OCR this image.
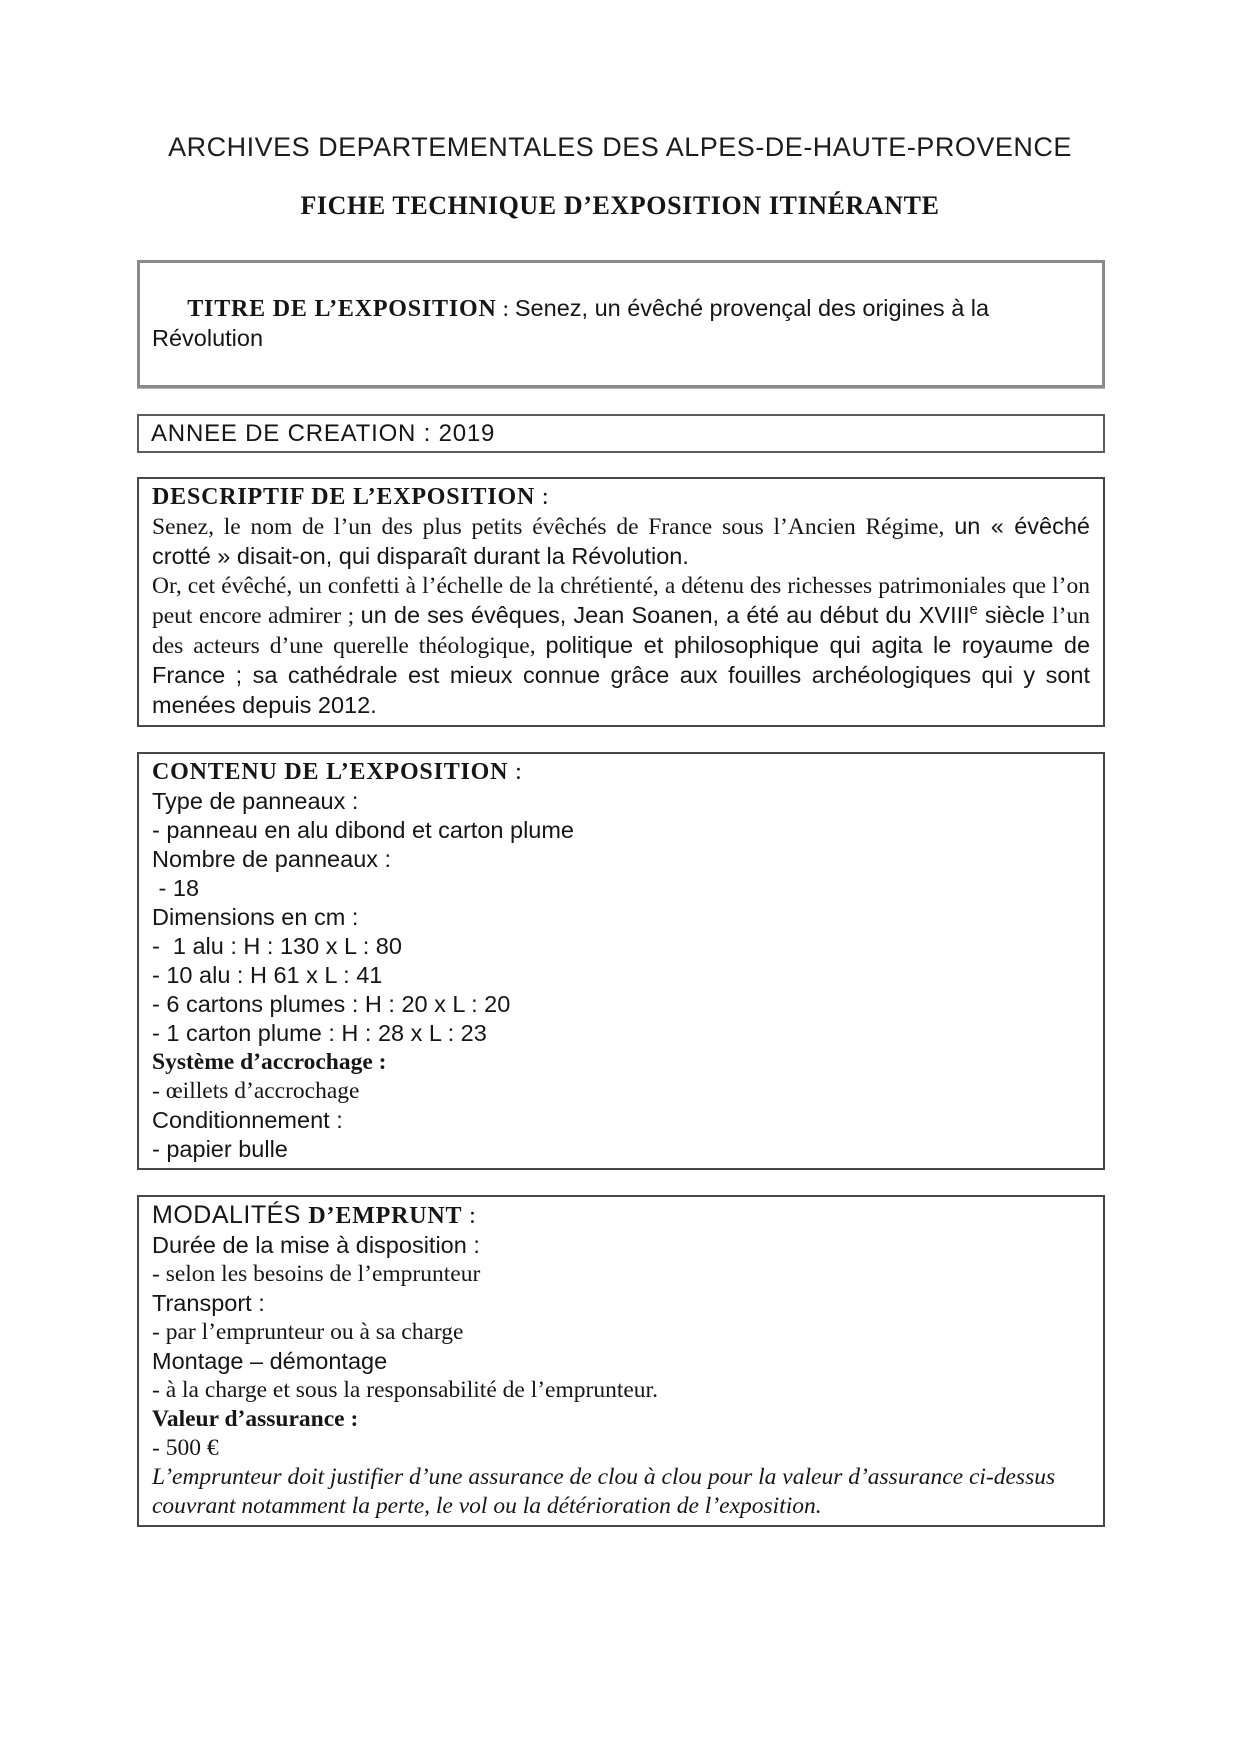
ARCHIVES DEPARTEMENTALES DES ALPES-DE-HAUTE-PROVENCE
FICHE TECHNIQUE D’EXPOSITION ITINÉRANTE

TITRE DE L’EXPOSITION : Senez, un évêché provençal des origines à la Révolution

ANNEE DE CREATION : 2019
DESCRIPTIF DE L’EXPOSITION :
Senez, le nom de l’un des plus petits évêchés de France sous l’Ancien Régime, un « évêché crotté » disait-on, qui disparaît durant la Révolution.
Or, cet évêché, un confetti à l’échelle de la chrétienté, a détenu des richesses patrimoniales que l’on peut encore admirer ; un de ses évêques, Jean Soanen, a été au début du XVIIIe siècle l’un des acteurs d’une querelle théologique, politique et philosophique qui agita le royaume de France ; sa cathédrale est mieux connue grâce aux fouilles archéologiques qui y sont menées depuis 2012.
CONTENU DE L’EXPOSITION :
Type de panneaux :
- panneau en alu dibond et carton plume
Nombre de panneaux :
- 18
Dimensions en cm :
-  1 alu : H : 130 x L : 80
- 10 alu : H 61 x L : 41
- 6 cartons plumes : H : 20 x L : 20
- 1 carton plume : H : 28 x L : 23
Système d’accrochage :
- œillets d’accrochage
Conditionnement :
- papier bulle
MODALITÉS D’EMPRUNT :
Durée de la mise à disposition :
- selon les besoins de l’emprunteur
Transport :
- par l’emprunteur ou à sa charge
Montage – démontage
- à la charge et sous la responsabilité de l’emprunteur.
Valeur d’assurance :
- 500 €
L’emprunteur doit justifier d’une assurance de clou à clou pour la valeur d’assurance ci-dessus couvrant notamment la perte, le vol ou la détérioration de l’exposition.
